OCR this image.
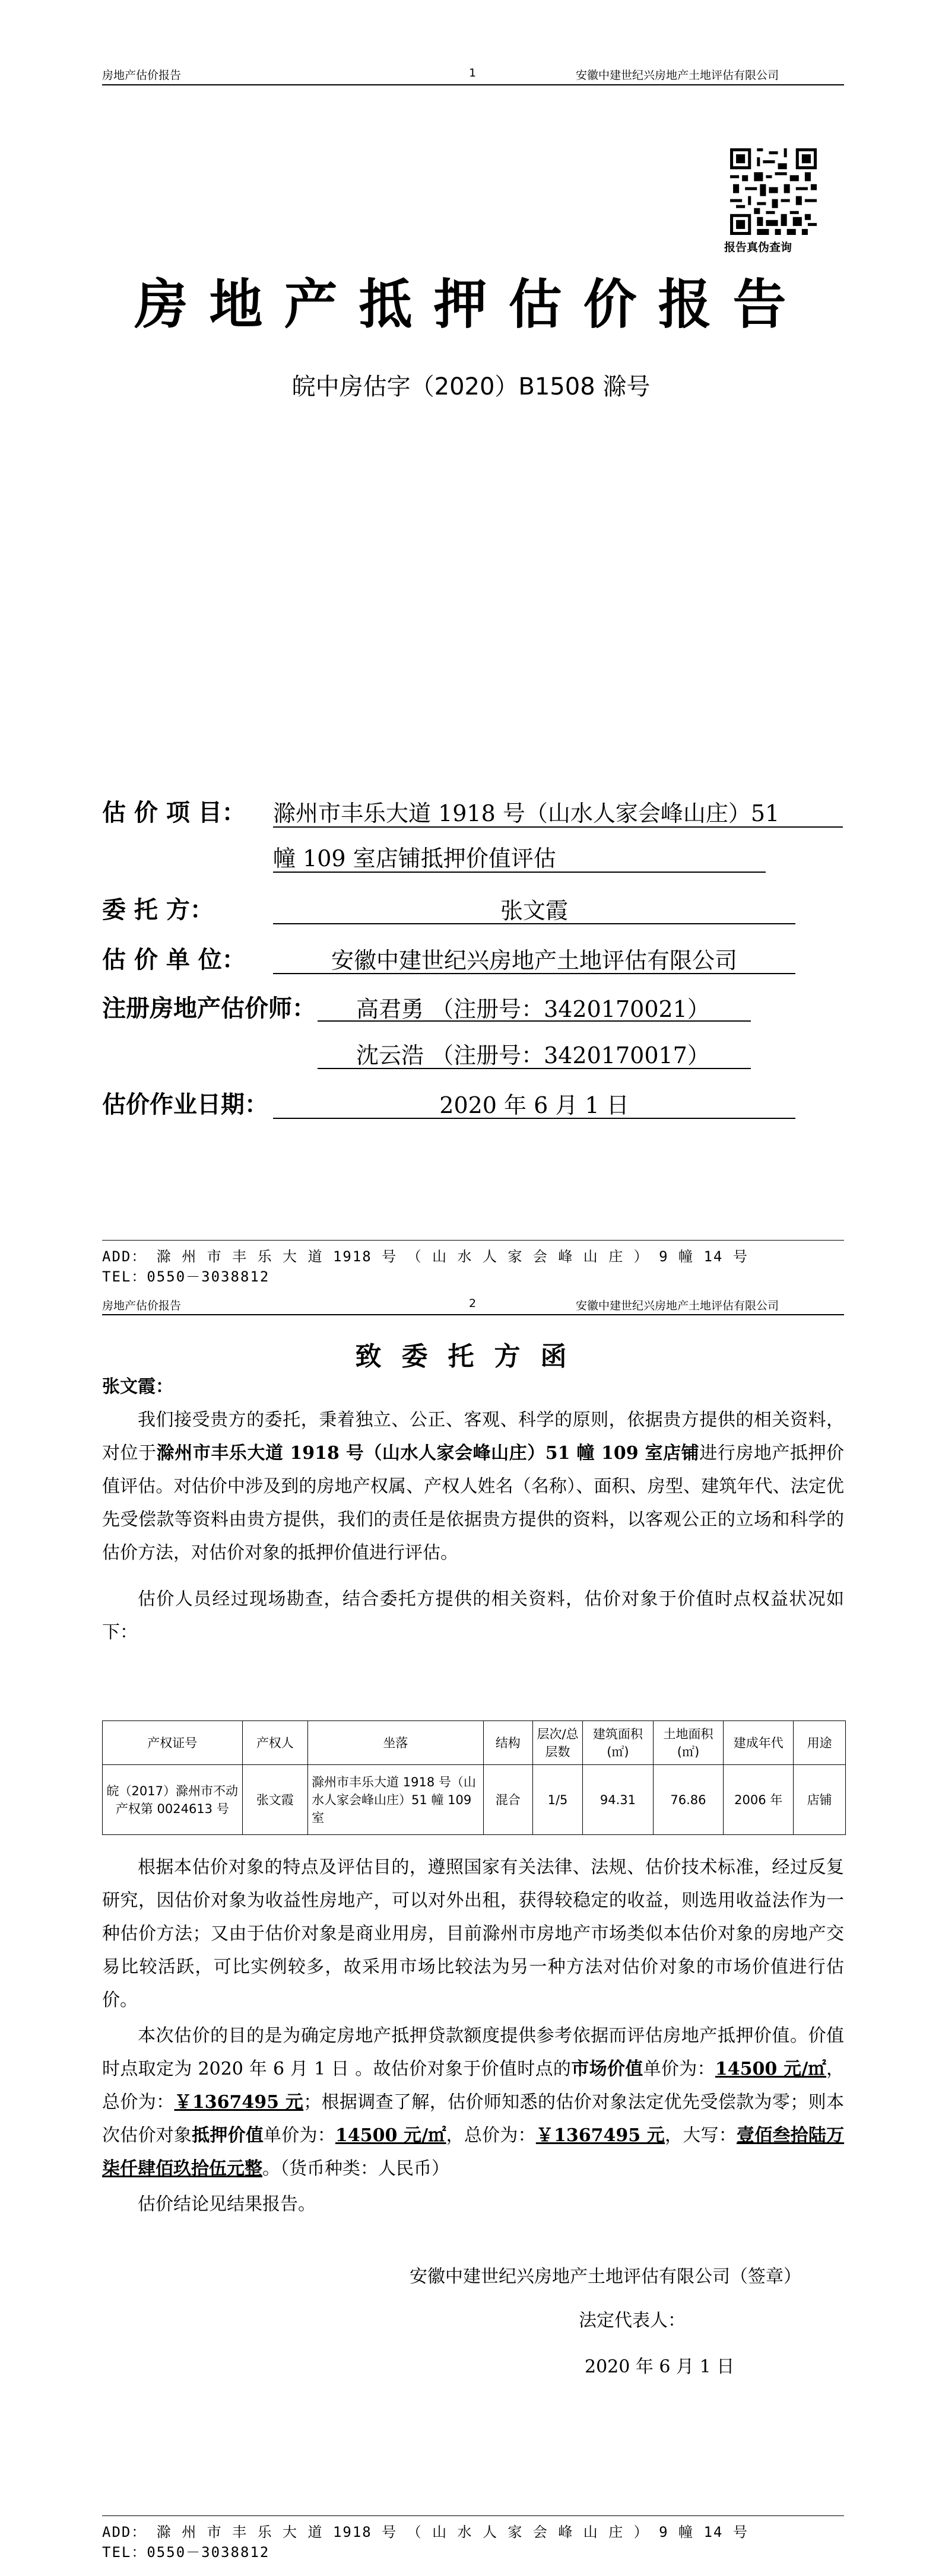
房地产估价报告	1	安徽中建世纪兴房地产土地评估有限公司
报告真伪查询
房地产抵押估价报告
皖中房估字（2020）B1508 滁号
估 价 项 目： 滁州市丰乐大道 1918 号（山水人家会峰山庄）51
幢 109 室店铺抵押价值评估
委 托 方：	张文霞
估 价 单 位：	安徽中建世纪兴房地产土地评估有限公司
注册房地产估价师： 高君勇 （注册号：3420170021）
沈云浩 （注册号：3420170017）
估价作业日期：	2020 年 6 月 1 日
ADD： 滁 州 市 丰 乐 大 道 1918 号 （ 山 水 人 家 会 峰 山 庄 ） 9 幢 14 号
TEL：0550－3038812
房地产估价报告	2	安徽中建世纪兴房地产土地评估有限公司
致委托方函
张文霞：

我们接受贵方的委托，秉着独立、公正、客观、科学的原则，依据贵方提供的相关资料，对位于滁州市丰乐大道 1918 号（山水人家会峰山庄）51 幢 109 室店铺进行房地产抵押价值评估。对估价中涉及到的房地产权属、产权人姓名（名称）、面积、房型、建筑年代、法定优先受偿款等资料由贵方提供，我们的责任是依据贵方提供的资料，以客观公正的立场和科学的估价方法，对估价对象的抵押价值进行评估。

估价人员经过现场勘查，结合委托方提供的相关资料，估价对象于价值时点权益状况如下：

产权证号	产权人	坐落	结构	层次/总层数	建筑面积(㎡)	土地面积(㎡)	建成年代	用途
皖（2017）滁州市不动产权第 0024613 号	张文霞	滁州市丰乐大道 1918 号（山水人家会峰山庄）51 幢 109 室	混合	1/5	94.31	76.86	2006 年	店铺

根据本估价对象的特点及评估目的，遵照国家有关法律、法规、估价技术标准，经过反复研究，因估价对象为收益性房地产，可以对外出租，获得较稳定的收益，则选用收益法作为一种估价方法；又由于估价对象是商业用房，目前滁州市房地产市场类似本估价对象的房地产交易比较活跃，可比实例较多，故采用市场比较法为另一种方法对估价对象的市场价值进行估价。

本次估价的目的是为确定房地产抵押贷款额度提供参考依据而评估房地产抵押价值。价值时点取定为 2020 年 6 月 1 日 。故估价对象于价值时点的市场价值单价为：14500 元/㎡，总价为：￥1367495 元；根据调查了解，估价师知悉的估价对象法定优先受偿款为零；则本次估价对象抵押价值单价为：14500 元/㎡，总价为：￥1367495 元，大写：壹佰叁拾陆万柒仟肆佰玖拾伍元整。（货币种类：人民币）

估价结论见结果报告。

安徽中建世纪兴房地产土地评估有限公司（签章）
法定代表人：
2020 年 6 月 1 日
ADD： 滁 州 市 丰 乐 大 道 1918 号 （ 山 水 人 家 会 峰 山 庄 ） 9 幢 14 号
TEL：0550－3038812
